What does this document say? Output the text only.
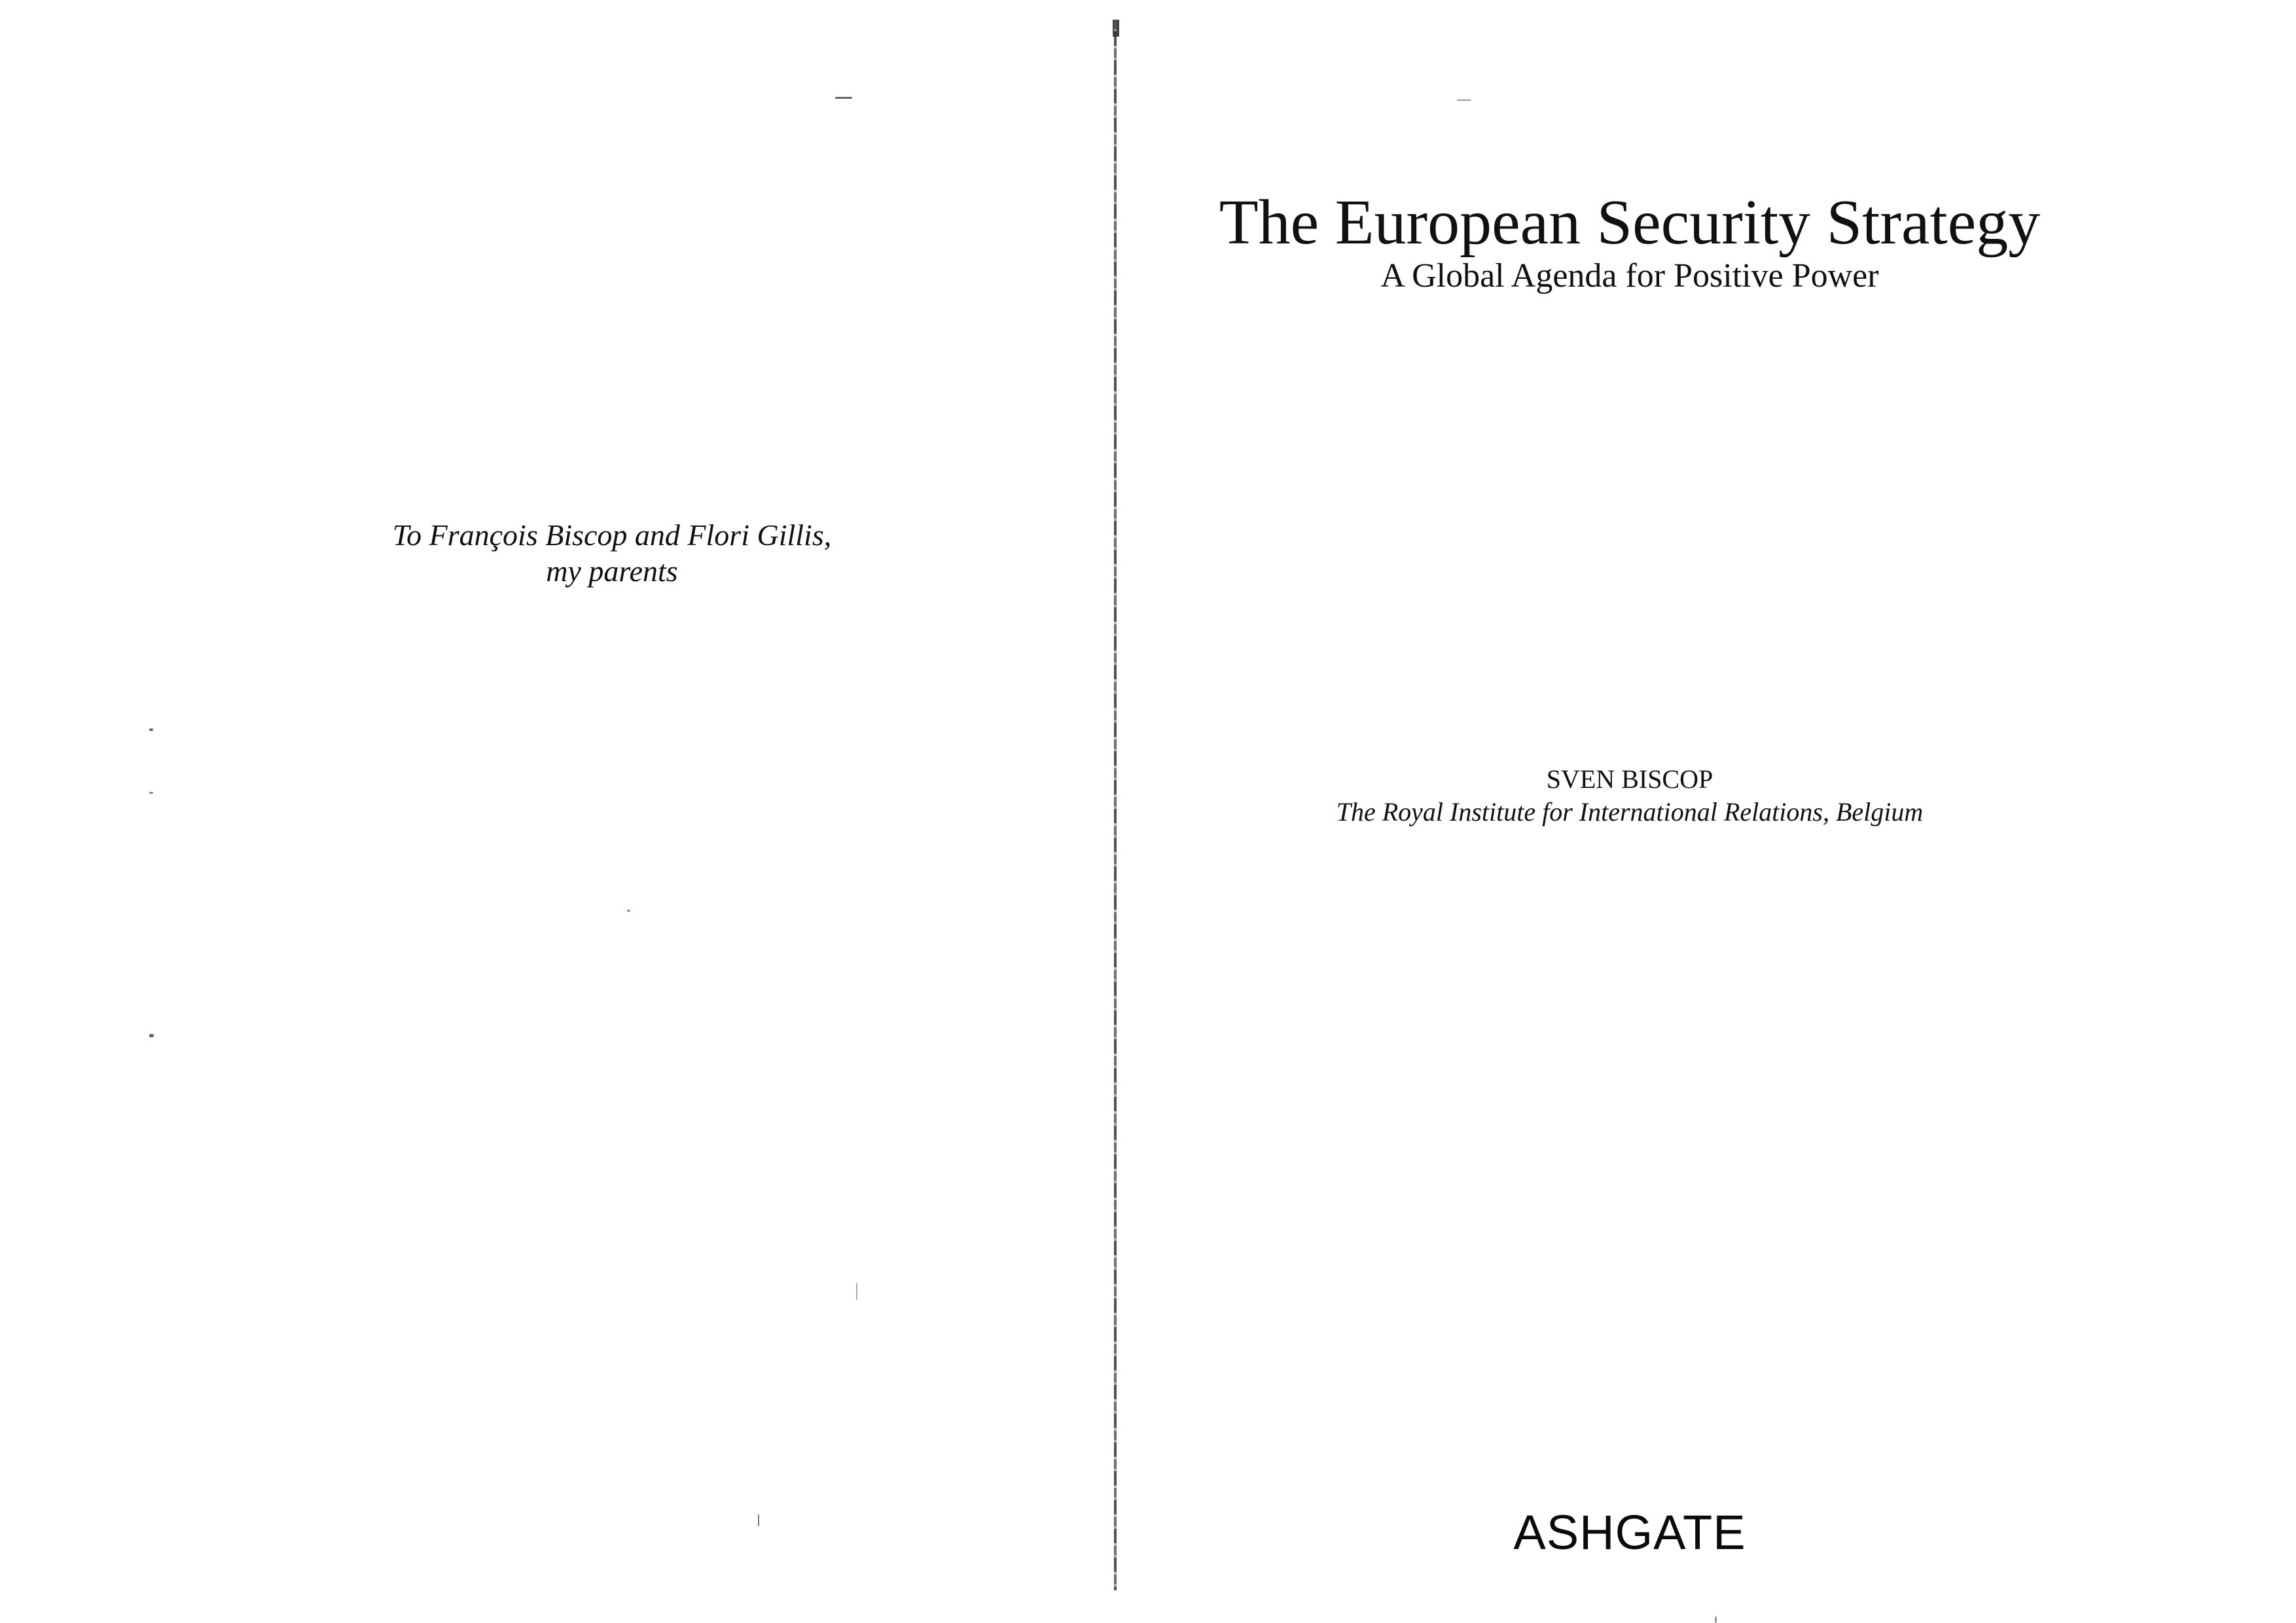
To François Biscop and Flori Gillis,
my parents
The European Security Strategy
A Global Agenda for Positive Power
SVEN BISCOP
The Royal Institute for International Relations, Belgium
ASHGATE
